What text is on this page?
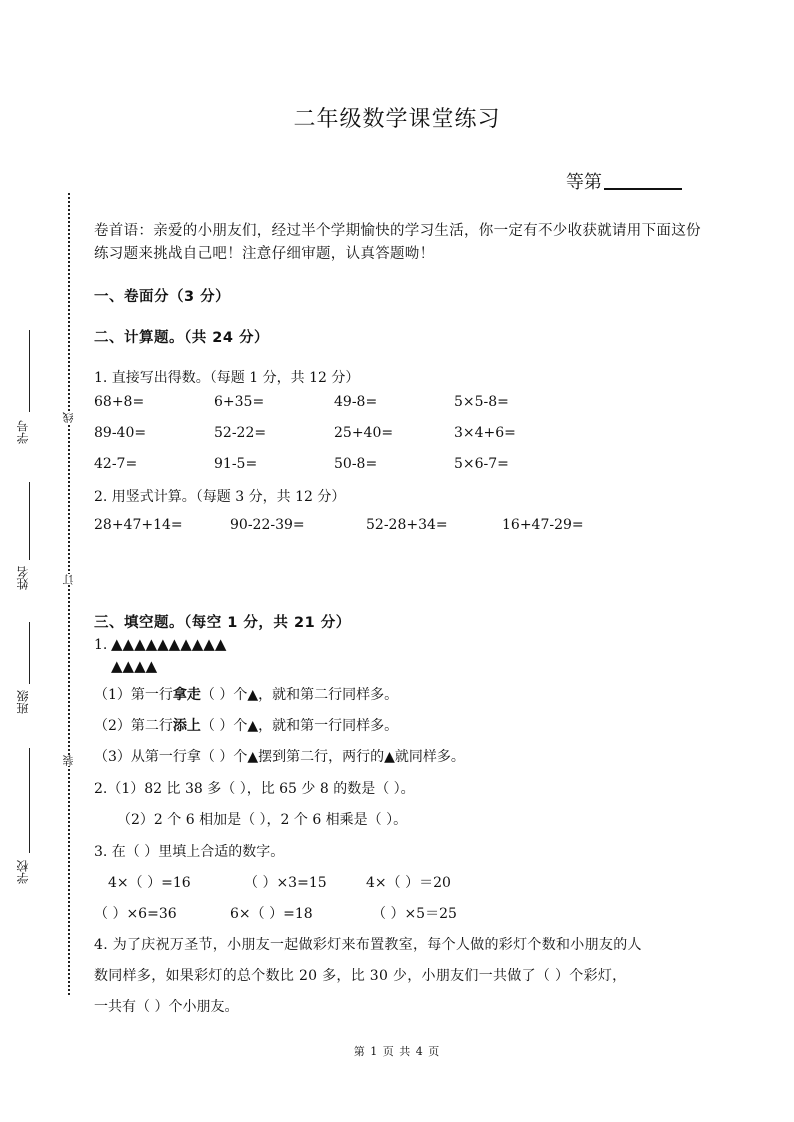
线
订
装
学号
姓名
班级
学校
二年级数学课堂练习
等第
卷首语：亲爱的小朋友们，经过半个学期愉快的学习生活，你一定有不少收获就请用下面这份练习题来挑战自己吧！注意仔细审题，认真答题呦！
一、卷面分（3 分）
二、计算题。（共 24 分）
1. 直接写出得数。（每题 1 分，共 12 分）
68+8=	6+35=	49-8=	5×5-8=
89-40=	52-22=	25+40=	3×4+6=
42-7=	91-5=	50-8=	5×6-7=
2. 用竖式计算。（每题 3 分，共 12 分）
28+47+14=	90-22-39=	52-28+34=	16+47-29=
三、填空题。（每空 1 分，共 21 分）
1. ▲▲▲▲▲▲▲▲▲▲
▲▲▲▲
（1）第一行拿走（ ）个▲，就和第二行同样多。
（2）第二行添上（ ）个▲，就和第一行同样多。
（3）从第一行拿（ ）个▲摆到第二行，两行的▲就同样多。
2.（1）82 比 38 多（ ），比 65 少 8 的数是（ ）。
（2）2 个 6 相加是（ ），2 个 6 相乘是（ ）。
3. 在（ ）里填上合适的数字。
4×（ ）=16	（ ）×3=15	4×（ ）＝20
（ ）×6=36	6×（ ）=18	（ ）×5＝25
4. 为了庆祝万圣节，小朋友一起做彩灯来布置教室，每个人做的彩灯个数和小朋友的人
数同样多，如果彩灯的总个数比 20 多，比 30 少，小朋友们一共做了（ ）个彩灯，
一共有（ ）个小朋友。
第 1 页 共 4 页
